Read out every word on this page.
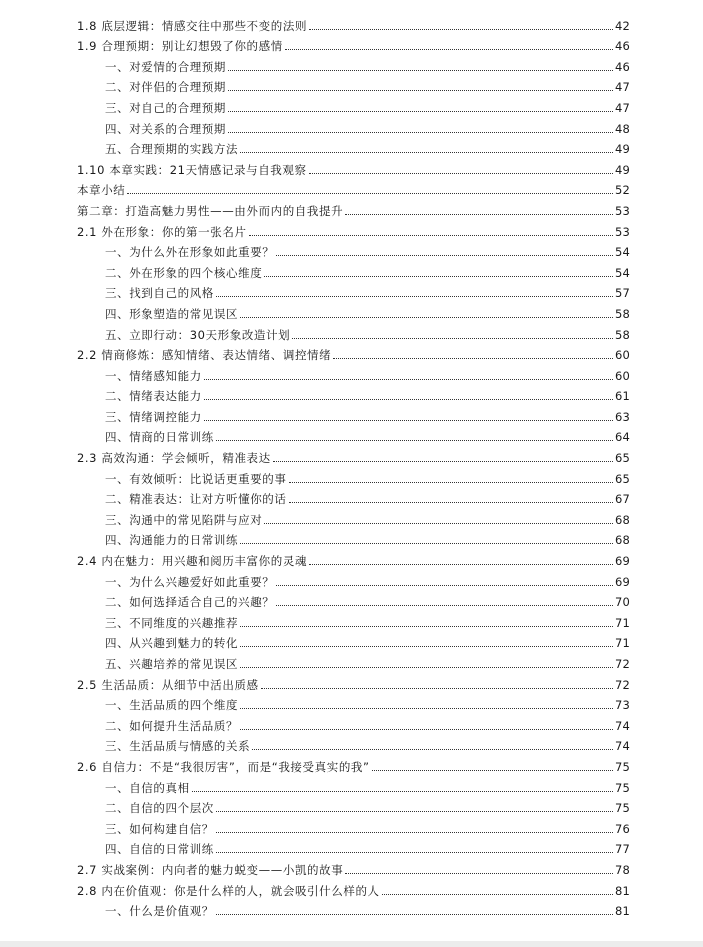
1.8 底层逻辑：情感交往中那些不变的法则	42
1.9 合理预期：别让幻想毁了你的感情	46
一、对爱情的合理预期	46
二、对伴侣的合理预期	47
三、对自己的合理预期	47
四、对关系的合理预期	48
五、合理预期的实践方法	49
1.10 本章实践：21天情感记录与自我观察	49
本章小结	52
第二章：打造高魅力男性——由外而内的自我提升	53
2.1 外在形象：你的第一张名片	53
一、为什么外在形象如此重要？	54
二、外在形象的四个核心维度	54
三、找到自己的风格	57
四、形象塑造的常见误区	58
五、立即行动：30天形象改造计划	58
2.2 情商修炼：感知情绪、表达情绪、调控情绪	60
一、情绪感知能力	60
二、情绪表达能力	61
三、情绪调控能力	63
四、情商的日常训练	64
2.3 高效沟通：学会倾听，精准表达	65
一、有效倾听：比说话更重要的事	65
二、精准表达：让对方听懂你的话	67
三、沟通中的常见陷阱与应对	68
四、沟通能力的日常训练	68
2.4 内在魅力：用兴趣和阅历丰富你的灵魂	69
一、为什么兴趣爱好如此重要？	69
二、如何选择适合自己的兴趣？	70
三、不同维度的兴趣推荐	71
四、从兴趣到魅力的转化	71
五、兴趣培养的常见误区	72
2.5 生活品质：从细节中活出质感	72
一、生活品质的四个维度	73
二、如何提升生活品质？	74
三、生活品质与情感的关系	74
2.6 自信力：不是“我很厉害”，而是“我接受真实的我”	75
一、自信的真相	75
二、自信的四个层次	75
三、如何构建自信？	76
四、自信的日常训练	77
2.7 实战案例：内向者的魅力蜕变——小凯的故事	78
2.8 内在价值观：你是什么样的人，就会吸引什么样的人	81
一、什么是价值观？	81
